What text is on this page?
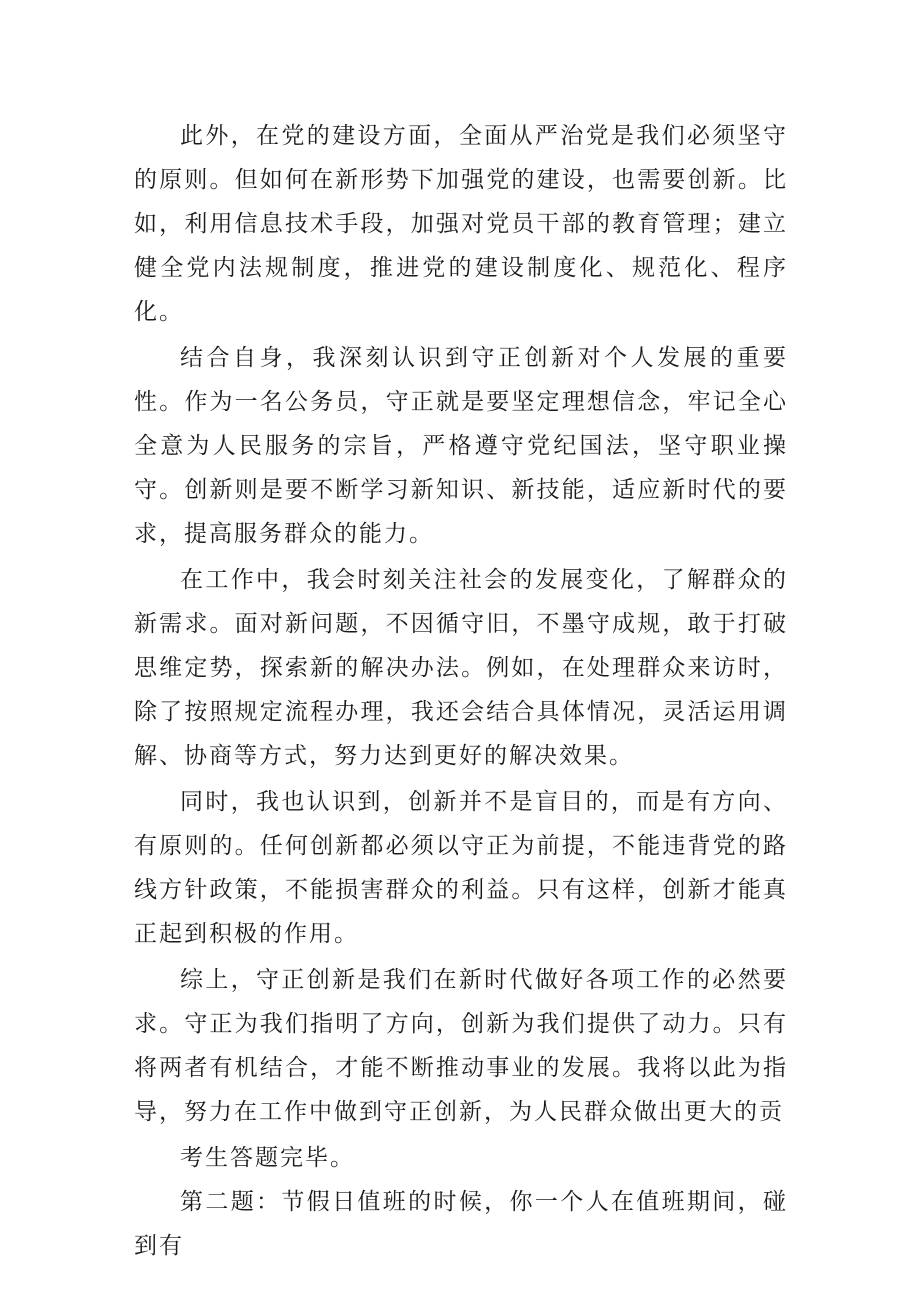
此外，在党的建设方面，全面从严治党是我们必须坚守的原则。但如何在新形势下加强党的建设，也需要创新。比如，利用信息技术手段，加强对党员干部的教育管理；建立健全党内法规制度，推进党的建设制度化、规范化、程序化。

结合自身，我深刻认识到守正创新对个人发展的重要性。作为一名公务员，守正就是要坚定理想信念，牢记全心全意为人民服务的宗旨，严格遵守党纪国法，坚守职业操守。创新则是要不断学习新知识、新技能，适应新时代的要求，提高服务群众的能力。

在工作中，我会时刻关注社会的发展变化，了解群众的新需求。面对新问题，不因循守旧，不墨守成规，敢于打破思维定势，探索新的解决办法。例如，在处理群众来访时，除了按照规定流程办理，我还会结合具体情况，灵活运用调解、协商等方式，努力达到更好的解决效果。

同时，我也认识到，创新并不是盲目的，而是有方向、有原则的。任何创新都必须以守正为前提，不能违背党的路线方针政策，不能损害群众的利益。只有这样，创新才能真正起到积极的作用。

综上，守正创新是我们在新时代做好各项工作的必然要求。守正为我们指明了方向，创新为我们提供了动力。只有将两者有机结合，才能不断推动事业的发展。我将以此为指导，努力在工作中做到守正创新，为人民群众做出更大的贡

考生答题完毕。

第二题：节假日值班的时候，你一个人在值班期间，碰到有
